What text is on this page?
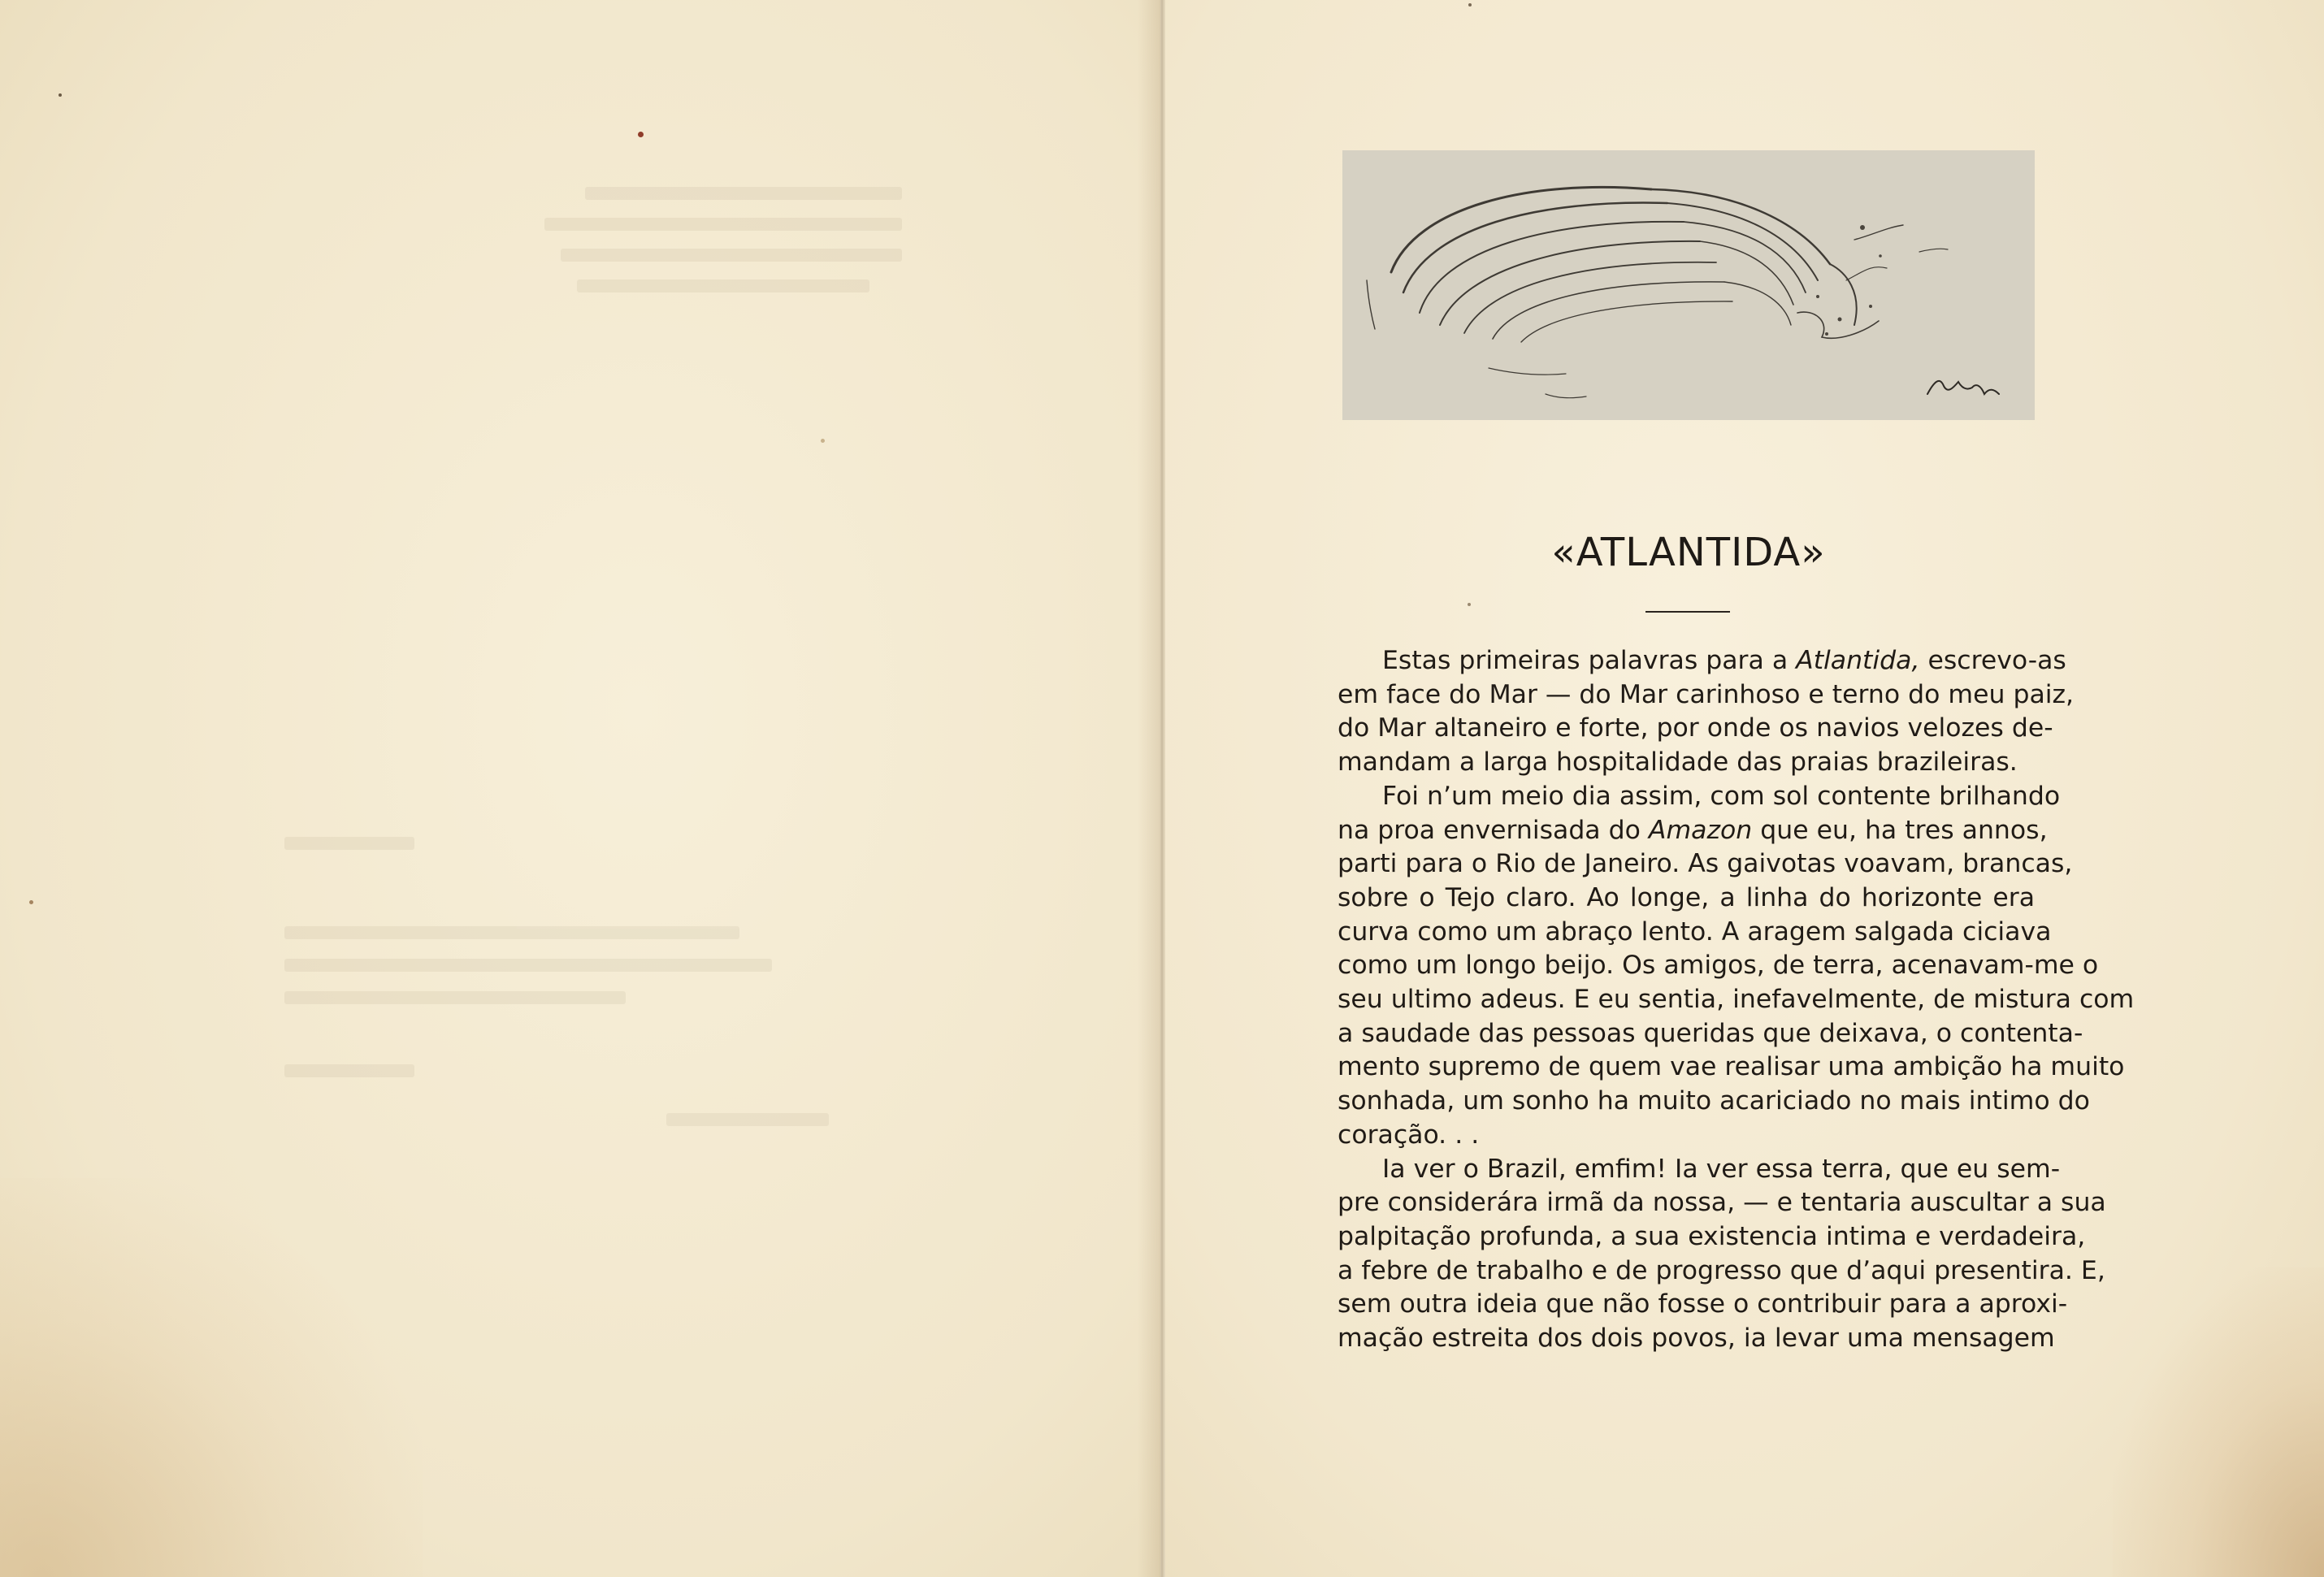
«ATLANTIDA»
Estas primeiras palavras para a Atlantida, escrevo-as
em face do Mar — do Mar carinhoso e terno do meu paiz,
do Mar altaneiro e forte, por onde os navios velozes de-
mandam a larga hospitalidade das praias brazileiras.
Foi n’um meio dia assim, com sol contente brilhando
na proa envernisada do Amazon que eu, ha tres annos,
parti para o Rio de Janeiro. As gaivotas voavam, brancas,
sobre o Tejo claro. Ao longe, a linha do horizonte era
curva como um abraço lento. A aragem salgada ciciava
como um longo beijo. Os amigos, de terra, acenavam-me o
seu ultimo adeus. E eu sentia, inefavelmente, de mistura com
a saudade das pessoas queridas que deixava, o contenta-
mento supremo de quem vae realisar uma ambição ha muito
sonhada, um sonho ha muito acariciado no mais intimo do
coração. . .
Ia ver o Brazil, emfim! Ia ver essa terra, que eu sem-
pre considerára irmã da nossa, — e tentaria auscultar a sua
palpitação profunda, a sua existencia intima e verdadeira,
a febre de trabalho e de progresso que d’aqui presentira. E,
sem outra ideia que não fosse o contribuir para a aproxi-
mação estreita dos dois povos, ia levar uma mensagem
